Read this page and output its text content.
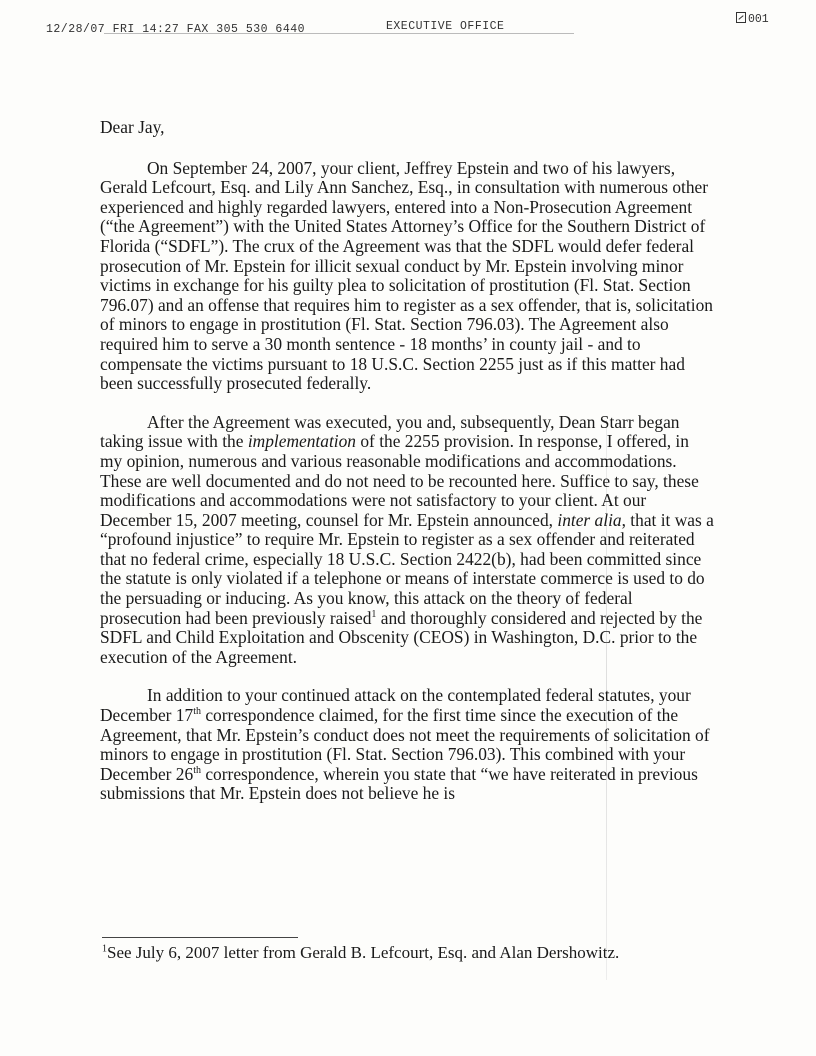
12/28/07 FRI 14:27 FAX 305 530 6440	EXECUTIVE OFFICE
001

Dear Jay,

On September 24, 2007, your client, Jeffrey Epstein and two of his lawyers, Gerald Lefcourt, Esq. and Lily Ann Sanchez, Esq., in consultation with numerous other experienced and highly regarded lawyers, entered into a Non-Prosecution Agreement (“the Agreement”) with the United States Attorney’s Office for the Southern District of Florida (“SDFL”). The crux of the Agreement was that the SDFL would defer federal prosecution of Mr. Epstein for illicit sexual conduct by Mr. Epstein involving minor victims in exchange for his guilty plea to solicitation of prostitution (Fl. Stat. Section 796.07) and an offense that requires him to register as a sex offender, that is, solicitation of minors to engage in prostitution (Fl. Stat. Section 796.03). The Agreement also required him to serve a 30 month sentence - 18 months’ in county jail - and to compensate the victims pursuant to 18 U.S.C. Section 2255 just as if this matter had been successfully prosecuted federally.

After the Agreement was executed, you and, subsequently, Dean Starr began taking issue with the implementation of the 2255 provision. In response, I offered, in my opinion, numerous and various reasonable modifications and accommodations. These are well documented and do not need to be recounted here. Suffice to say, these modifications and accommodations were not satisfactory to your client. At our December 15, 2007 meeting, counsel for Mr. Epstein announced, inter alia, that it was a “profound injustice” to require Mr. Epstein to register as a sex offender and reiterated that no federal crime, especially 18 U.S.C. Section 2422(b), had been committed since the statute is only violated if a telephone or means of interstate commerce is used to do the persuading or inducing. As you know, this attack on the theory of federal prosecution had been previously raised$^1$ and thoroughly considered and rejected by the SDFL and Child Exploitation and Obscenity (CEOS) in Washington, D.C. prior to the execution of the Agreement.

In addition to your continued attack on the contemplated federal statutes, your December 17th correspondence claimed, for the first time since the execution of the Agreement, that Mr. Epstein’s conduct does not meet the requirements of solicitation of minors to engage in prostitution (Fl. Stat. Section 796.03). This combined with your December 26th correspondence, wherein you state that “we have reiterated in previous submissions that Mr. Epstein does not believe he is

$^1$See July 6, 2007 letter from Gerald B. Lefcourt, Esq. and Alan Dershowitz.
